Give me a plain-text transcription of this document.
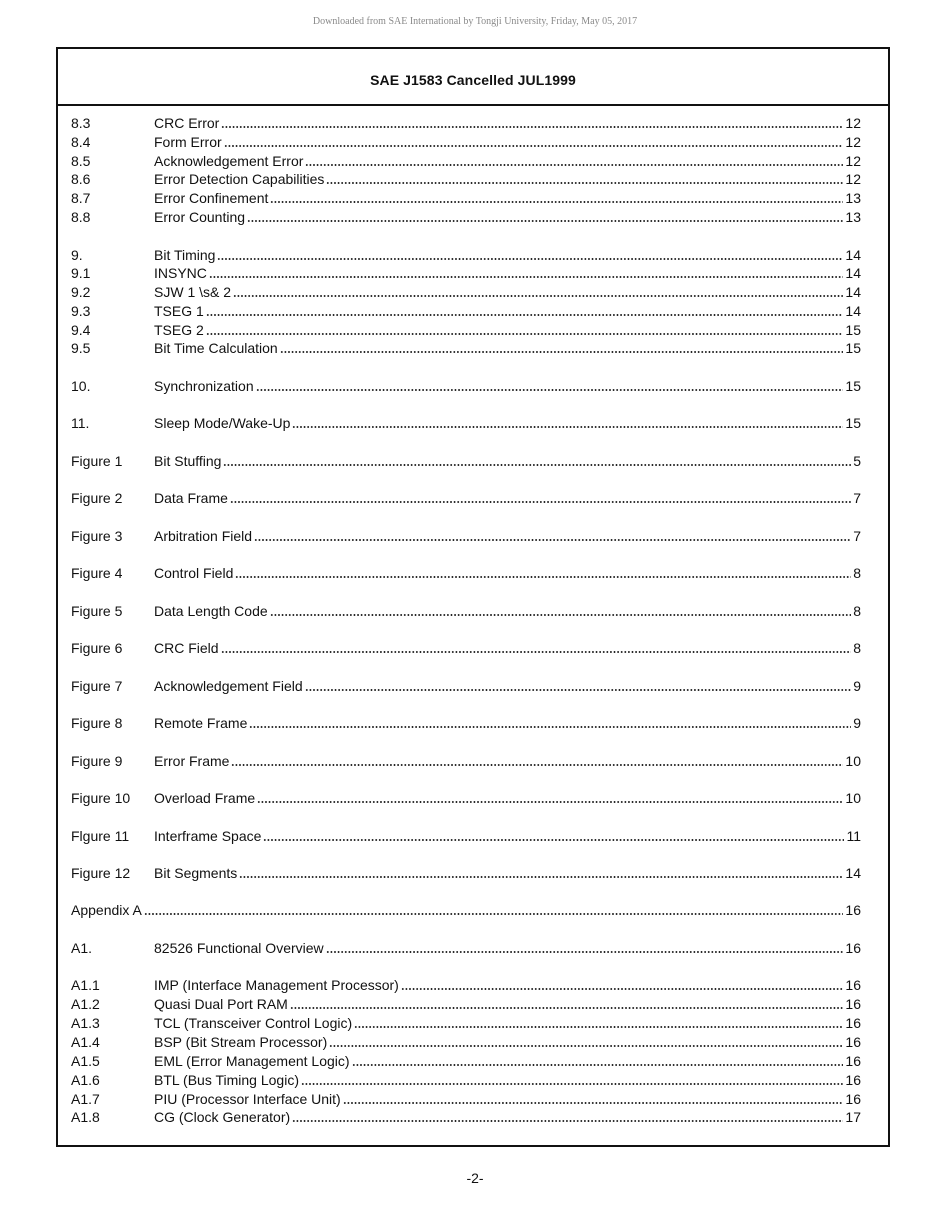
Downloaded from SAE International by Tongji University, Friday, May 05, 2017
SAE J1583 Cancelled JUL1999
8.3	CRC Error	12
8.4	Form Error	12
8.5	Acknowledgement Error	12
8.6	Error Detection Capabilities	12
8.7	Error Confinement	13
8.8	Error Counting	13
9.	Bit Timing	14
9.1	INSYNC	14
9.2	SJW 1 \s& 2	14
9.3	TSEG 1	14
9.4	TSEG 2	15
9.5	Bit Time Calculation	15
10.	Synchronization	15
11.	Sleep Mode/Wake-Up	15
Figure 1 Bit Stuffing	5
Figure 2 Data Frame	7
Figure 3 Arbitration Field	7
Figure 4 Control Field	8
Figure 5 Data Length Code	8
Figure 6 CRC Field	8
Figure 7 Acknowledgement Field	9
Figure 8 Remote Frame	9
Figure 9 Error Frame	10
Figure 10 Overload Frame	10
Flgure 11 Interframe Space	11
Figure 12 Bit Segments	14
Appendix A	16
A1.	82526 Functional Overview	16
A1.1	IMP (Interface Management Processor)	16
A1.2	Quasi Dual Port RAM	16
A1.3	TCL (Transceiver Control Logic)	16
A1.4	BSP (Bit Stream Processor)	16
A1.5	EML (Error Management Logic)	16
A1.6	BTL (Bus Timing Logic)	16
A1.7	PIU (Processor Interface Unit)	16
A1.8	CG (Clock Generator)	17
-2-
